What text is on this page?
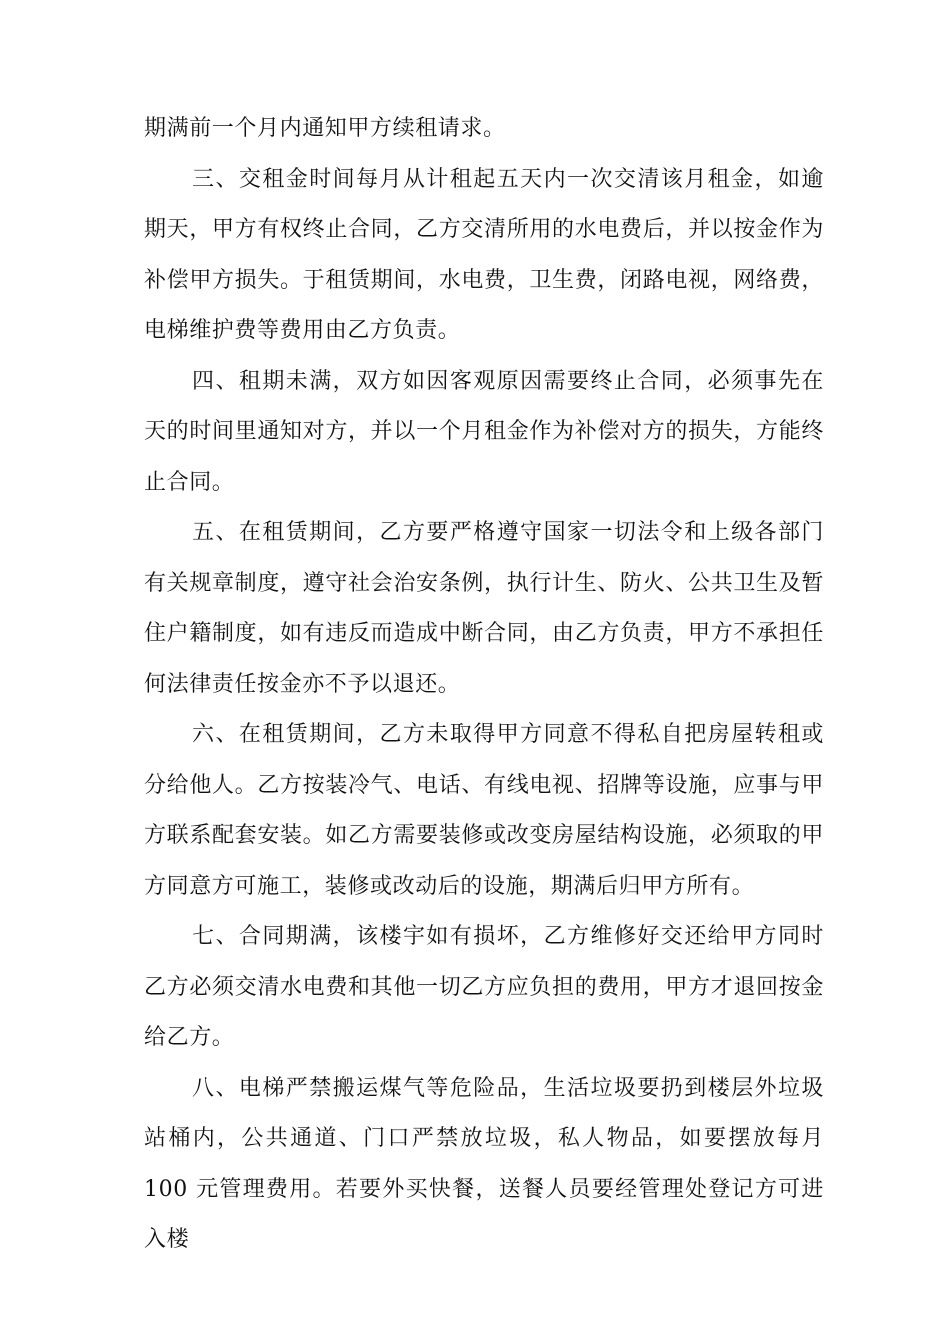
期满前一个月内通知甲方续租请求。

三、交租金时间每月从计租起五天内一次交清该月租金，如逾期天，甲方有权终止合同，乙方交清所用的水电费后，并以按金作为补偿甲方损失。于租赁期间，水电费，卫生费，闭路电视，网络费，电梯维护费等费用由乙方负责。

四、租期未满，双方如因客观原因需要终止合同，必须事先在天的时间里通知对方，并以一个月租金作为补偿对方的损失，方能终止合同。

五、在租赁期间，乙方要严格遵守国家一切法令和上级各部门有关规章制度，遵守社会治安条例，执行计生、防火、公共卫生及暂住户籍制度，如有违反而造成中断合同，由乙方负责，甲方不承担任何法律责任按金亦不予以退还。

六、在租赁期间，乙方未取得甲方同意不得私自把房屋转租或分给他人。乙方按装冷气、电话、有线电视、招牌等设施，应事与甲方联系配套安装。如乙方需要装修或改变房屋结构设施，必须取的甲方同意方可施工，装修或改动后的设施，期满后归甲方所有。

七、合同期满，该楼宇如有损坏，乙方维修好交还给甲方同时乙方必须交清水电费和其他一切乙方应负担的费用，甲方才退回按金给乙方。

八、电梯严禁搬运煤气等危险品，生活垃圾要扔到楼层外垃圾站桶内，公共通道、门口严禁放垃圾，私人物品，如要摆放每月 100 元管理费用。若要外买快餐，送餐人员要经管理处登记方可进入楼
